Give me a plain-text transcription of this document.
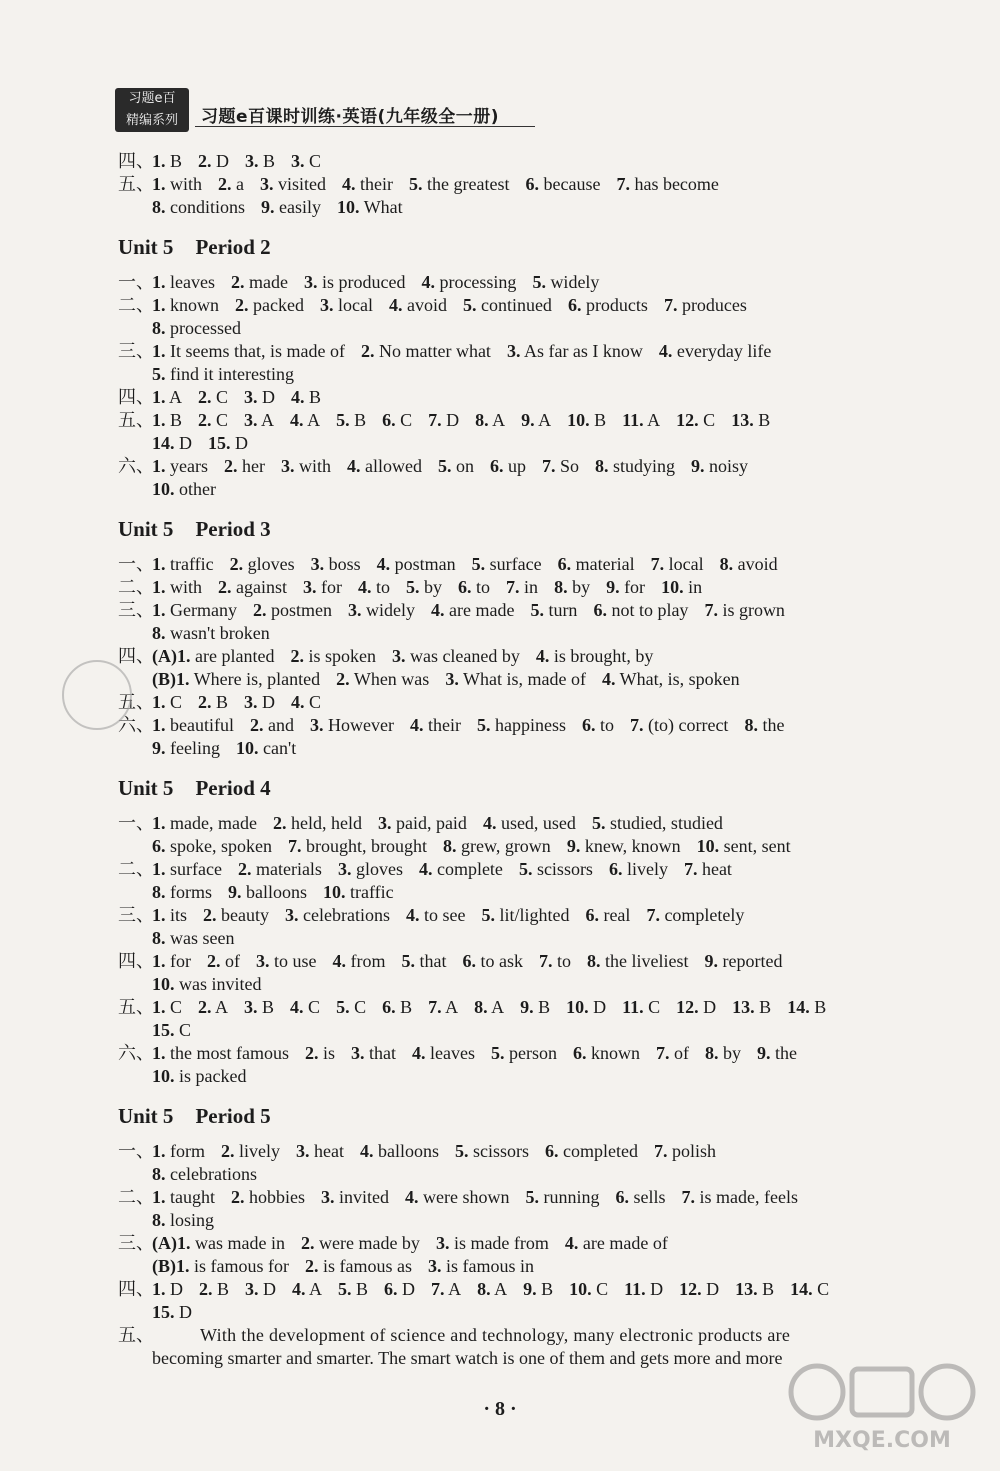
习题e百
精编系列	习题e百课时训练·英语(九年级全一册)
四、
1. B 2. D 3. B 3. C
五、
1. with 2. a 3. visited 4. their 5. the greatest 6. because 7. has become
8. conditions 9. easily 10. What
Unit 5 Period 2
一、
1. leaves 2. made 3. is produced 4. processing 5. widely
二、
1. known 2. packed 3. local 4. avoid 5. continued 6. products 7. produces
8. processed
三、
1. It seems that, is made of 2. No matter what 3. As far as I know 4. everyday life
5. find it interesting
四、
1. A 2. C 3. D 4. B
五、
1. B 2. C 3. A 4. A 5. B 6. C 7. D 8. A 9. A 10. B 11. A 12. C 13. B
14. D 15. D
六、
1. years 2. her 3. with 4. allowed 5. on 6. up 7. So 8. studying 9. noisy
10. other
Unit 5 Period 3
一、
1. traffic 2. gloves 3. boss 4. postman 5. surface 6. material 7. local 8. avoid
二、
1. with 2. against 3. for 4. to 5. by 6. to 7. in 8. by 9. for 10. in
三、
1. Germany 2. postmen 3. widely 4. are made 5. turn 6. not to play 7. is grown
8. wasn't broken
四、
(A)1. are planted 2. is spoken 3. was cleaned by 4. is brought, by
(B)1. Where is, planted 2. When was 3. What is, made of 4. What, is, spoken
五、
1. C 2. B 3. D 4. C
六、
1. beautiful 2. and 3. However 4. their 5. happiness 6. to 7. (to) correct 8. the
9. feeling 10. can't
Unit 5 Period 4
一、
1. made, made 2. held, held 3. paid, paid 4. used, used 5. studied, studied
6. spoke, spoken 7. brought, brought 8. grew, grown 9. knew, known 10. sent, sent
二、
1. surface 2. materials 3. gloves 4. complete 5. scissors 6. lively 7. heat
8. forms 9. balloons 10. traffic
三、
1. its 2. beauty 3. celebrations 4. to see 5. lit/lighted 6. real 7. completely
8. was seen
四、
1. for 2. of 3. to use 4. from 5. that 6. to ask 7. to 8. the liveliest 9. reported
10. was invited
五、
1. C 2. A 3. B 4. C 5. C 6. B 7. A 8. A 9. B 10. D 11. C 12. D 13. B 14. B
15. C
六、
1. the most famous 2. is 3. that 4. leaves 5. person 6. known 7. of 8. by 9. the
10. is packed
Unit 5 Period 5
一、
1. form 2. lively 3. heat 4. balloons 5. scissors 6. completed 7. polish
8. celebrations
二、
1. taught 2. hobbies 3. invited 4. were shown 5. running 6. sells 7. is made, feels
8. losing
三、
(A)1. was made in 2. were made by 3. is made from 4. are made of
(B)1. is famous for 2. is famous as 3. is famous in
四、
1. D 2. B 3. D 4. A 5. B 6. D 7. A 8. A 9. B 10. C 11. D 12. D 13. B 14. C
15. D
五、	With the development of science and technology, many electronic products are
becoming smarter and smarter. The smart watch is one of them and gets more and more
MXQE.COM
· 8 ·
